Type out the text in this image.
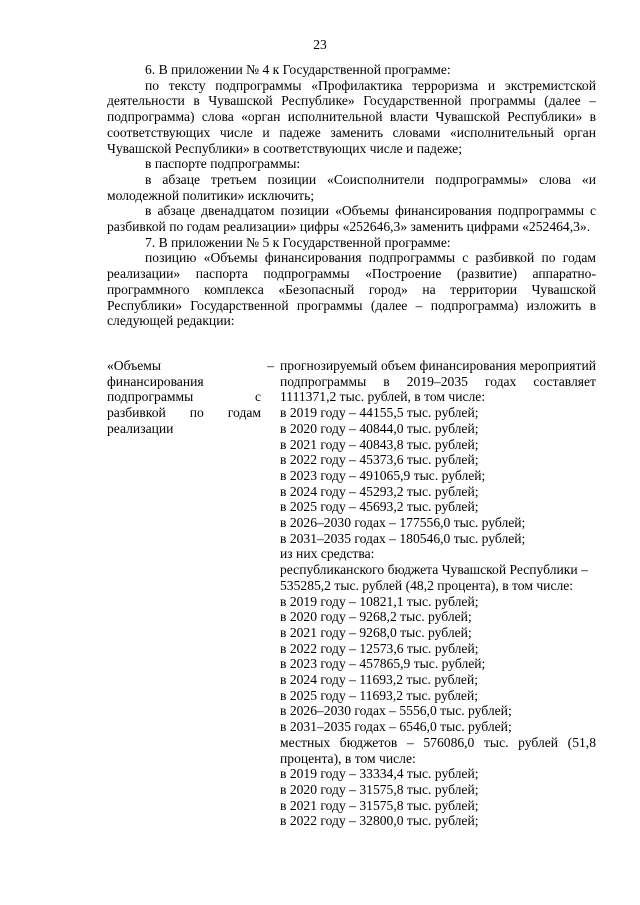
23

6. В приложении № 4 к Государственной программе:

по тексту подпрограммы «Профилактика терроризма и экстремистской деятельности в Чувашской Республике» Государственной программы (далее – подпрограмма) слова «орган исполнительной власти Чувашской Республики» в соответствующих числе и падеже заменить словами «исполнительный орган Чувашской Республики» в соответствующих числе и падеже;

в паспорте подпрограммы:

в абзаце третьем позиции «Соисполнители подпрограммы» слова «и молодежной политики» исключить;

в абзаце двенадцатом позиции «Объемы финансирования подпрограммы с разбивкой по годам реализации» цифры «252646,3» заменить цифрами «252464,3».

7. В приложении № 5 к Государственной программе:

позицию «Объемы финансирования подпрограммы с разбивкой по годам реализации» паспорта подпрограммы «Построение (развитие) аппаратно-программного комплекса «Безопасный город» на территории Чувашской Республики» Государственной программы (далее – подпрограмма) изложить в следующей редакции:

«Объемы финансирования подпрограммы с разбивкой по годам реализации
– прогнозируемый объем финансирования мероприятий подпрограммы в 2019–2035 годах составляет 1111371,2 тыс. рублей, в том числе:

в 2019 году – 44155,5 тыс. рублей;

в 2020 году – 40844,0 тыс. рублей;

в 2021 году – 40843,8 тыс. рублей;

в 2022 году – 45373,6 тыс. рублей;

в 2023 году – 491065,9 тыс. рублей;

в 2024 году – 45293,2 тыс. рублей;

в 2025 году – 45693,2 тыс. рублей;

в 2026–2030 годах – 177556,0 тыс. рублей;

в 2031–2035 годах – 180546,0 тыс. рублей;

из них средства:

республиканского бюджета Чувашской Республики – 535285,2 тыс. рублей (48,2 процента), в том числе:

в 2019 году – 10821,1 тыс. рублей;

в 2020 году – 9268,2 тыс. рублей;

в 2021 году – 9268,0 тыс. рублей;

в 2022 году – 12573,6 тыс. рублей;

в 2023 году – 457865,9 тыс. рублей;

в 2024 году – 11693,2 тыс. рублей;

в 2025 году – 11693,2 тыс. рублей;

в 2026–2030 годах – 5556,0 тыс. рублей;

в 2031–2035 годах – 6546,0 тыс. рублей;

местных бюджетов – 576086,0 тыс. рублей (51,8 процента), в том числе:

в 2019 году – 33334,4 тыс. рублей;

в 2020 году – 31575,8 тыс. рублей;

в 2021 году – 31575,8 тыс. рублей;

в 2022 году – 32800,0 тыс. рублей;
